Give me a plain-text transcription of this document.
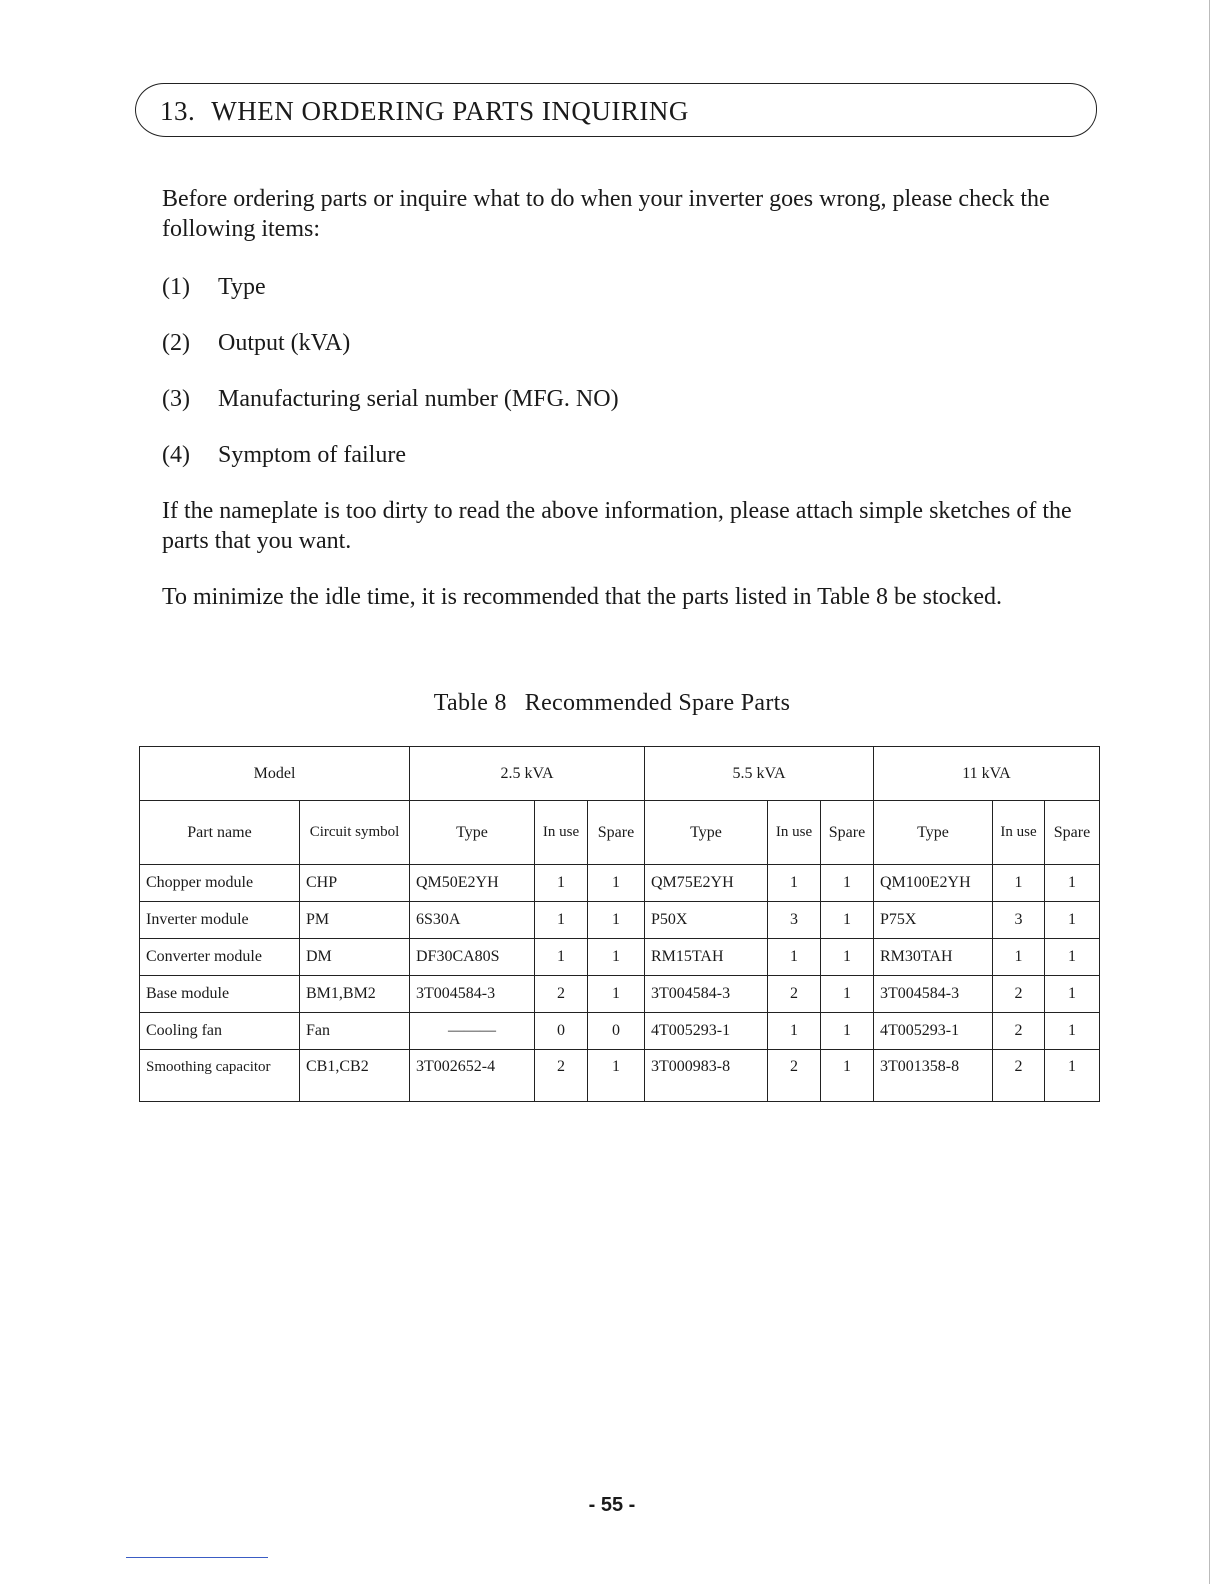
13. WHEN ORDERING PARTS INQUIRING
Before ordering parts or inquire what to do when your inverter goes wrong, please check the following items:
(1) Type
(2) Output (kVA)
(3) Manufacturing serial number (MFG. NO)
(4) Symptom of failure
If the nameplate is too dirty to read the above information, please attach simple sketches of the parts that you want.
To minimize the idle time, it is recommended that the parts listed in Table 8 be stocked.
Table 8 Recommended Spare Parts
Model		2.5 kVA			5.5 kVA			11 kVA		
Part name	Circuit symbol	Type	In use	Spare	Type	In use	Spare	Type	In use	Spare
Chopper module	CHP	QM50E2YH	1	1	QM75E2YH	1	1	QM100E2YH	1	1
Inverter module	PM	6S30A	1	1	P50X	3	1	P75X	3	1
Converter module	DM	DF30CA80S	1	1	RM15TAH	1	1	RM30TAH	1	1
Base module	BM1,BM2	3T004584-3	2	1	3T004584-3	2	1	3T004584-3	2	1
Cooling fan	Fan	———	0	0	4T005293-1	1	1	4T005293-1	2	1
Smoothing capacitor	CB1,CB2	3T002652-4	2	1	3T000983-8	2	1	3T001358-8	2	1
- 55 -
